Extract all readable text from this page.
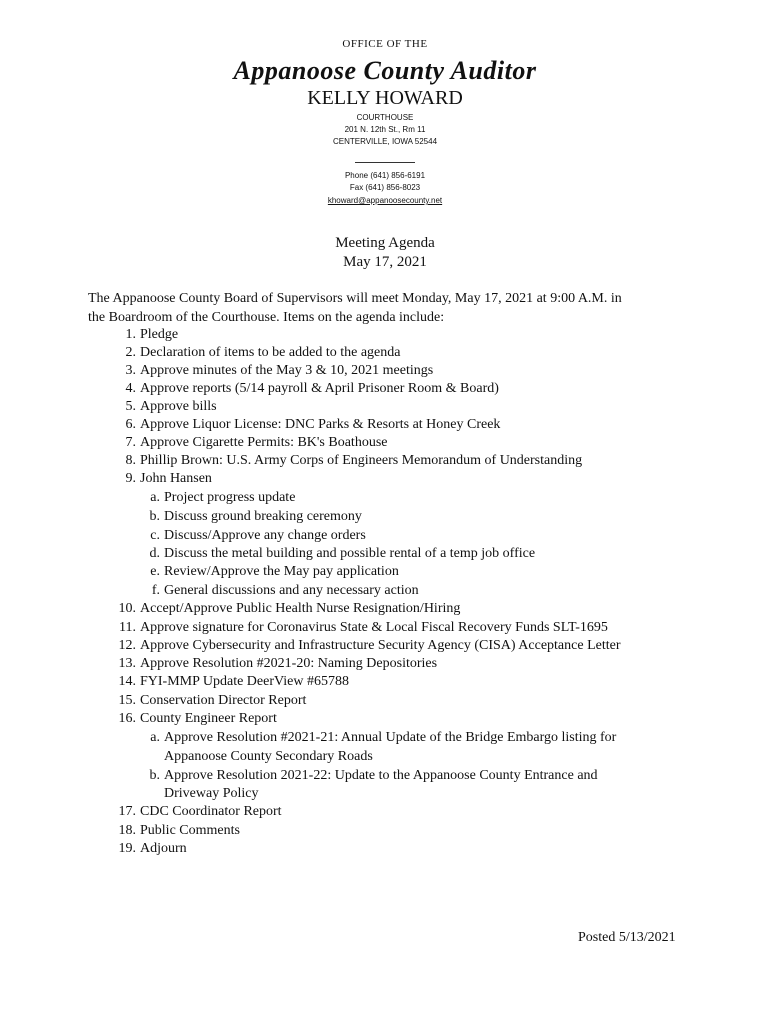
OFFICE OF THE
Appanoose County Auditor
KELLY HOWARD
COURTHOUSE
201 N. 12th St., Rm 11
CENTERVILLE, IOWA 52544
Phone (641) 856-6191
Fax (641) 856-8023
khoward@appanoosecounty.net
Meeting Agenda
May 17, 2021
The Appanoose County Board of Supervisors will meet Monday, May 17, 2021 at 9:00 A.M. in
the Boardroom of the Courthouse. Items on the agenda include:
1. Pledge
2. Declaration of items to be added to the agenda
3. Approve minutes of the May 3 & 10, 2021 meetings
4. Approve reports (5/14 payroll & April Prisoner Room & Board)
5. Approve bills
6. Approve Liquor License: DNC Parks & Resorts at Honey Creek
7. Approve Cigarette Permits: BK's Boathouse
8. Phillip Brown: U.S. Army Corps of Engineers Memorandum of Understanding
9. John Hansen
a. Project progress update
b. Discuss ground breaking ceremony
c. Discuss/Approve any change orders
d. Discuss the metal building and possible rental of a temp job office
e. Review/Approve the May pay application
f. General discussions and any necessary action
10. Accept/Approve Public Health Nurse Resignation/Hiring
11. Approve signature for Coronavirus State & Local Fiscal Recovery Funds SLT-1695
12. Approve Cybersecurity and Infrastructure Security Agency (CISA) Acceptance Letter
13. Approve Resolution #2021-20: Naming Depositories
14. FYI-MMP Update DeerView #65788
15. Conservation Director Report
16. County Engineer Report
a. Approve Resolution #2021-21: Annual Update of the Bridge Embargo listing for
Appanoose County Secondary Roads
b. Approve Resolution 2021-22: Update to the Appanoose County Entrance and
Driveway Policy
17. CDC Coordinator Report
18. Public Comments
19. Adjourn
Posted 5/13/2021
